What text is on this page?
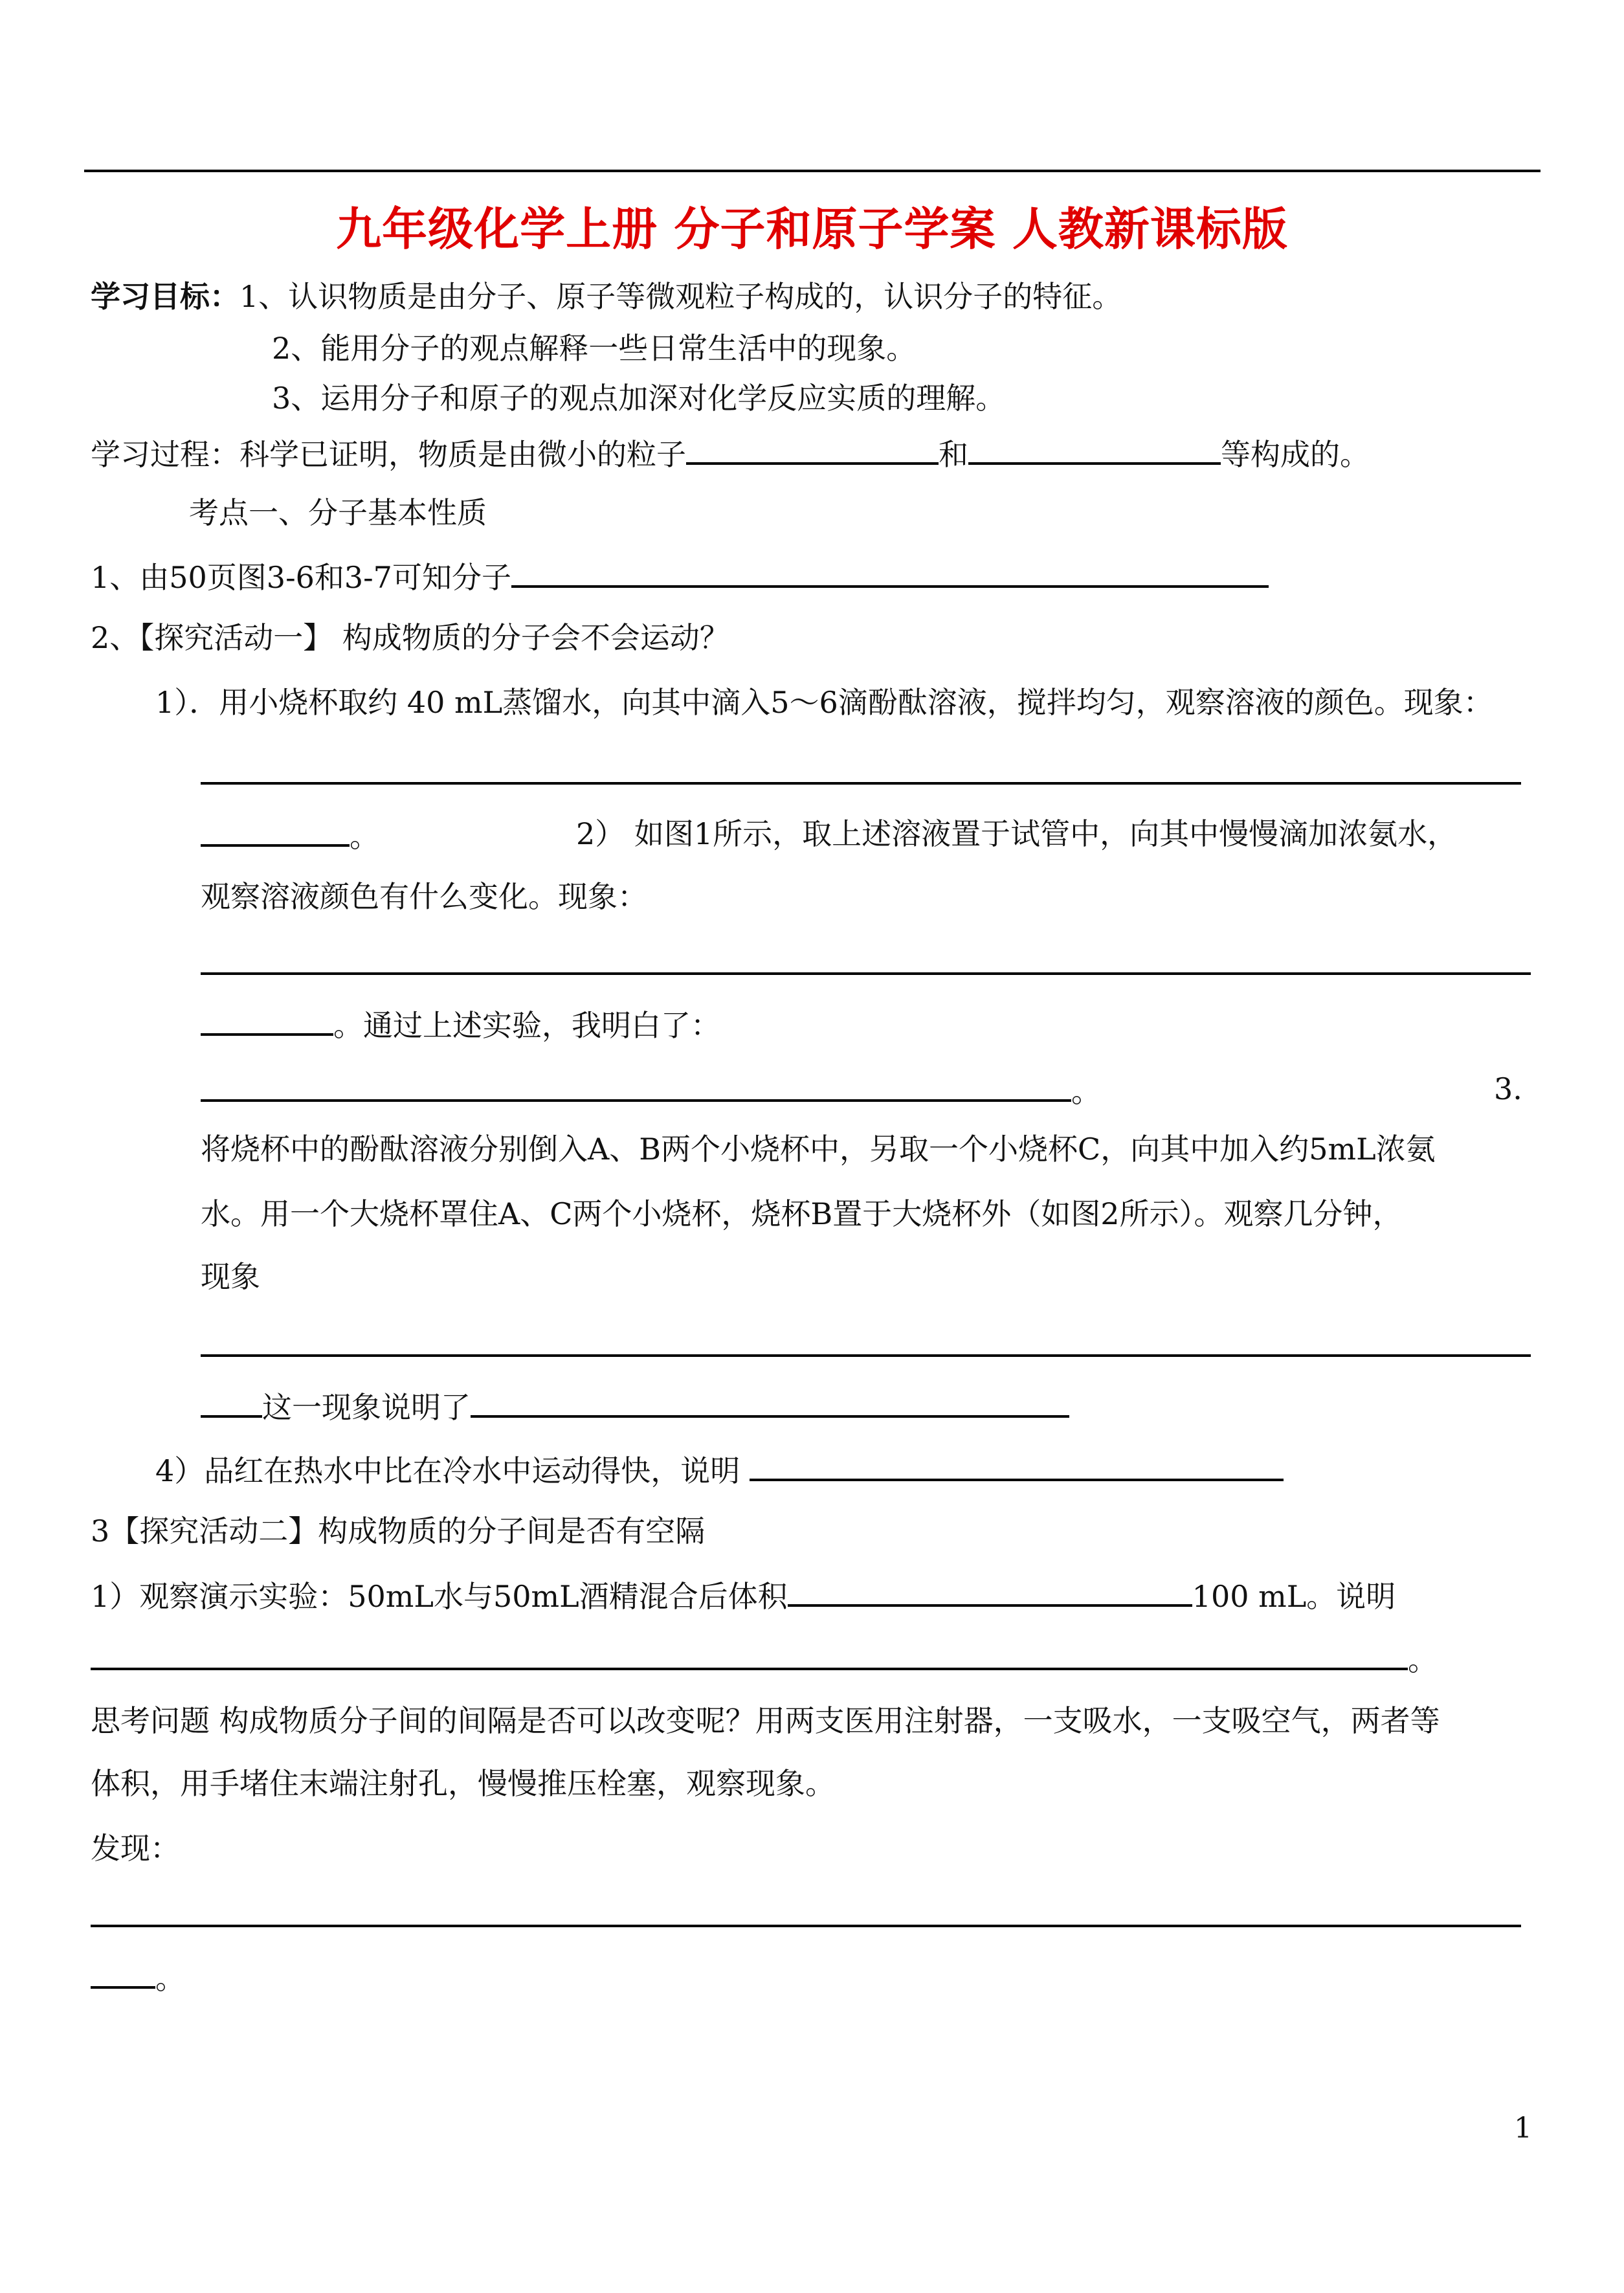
九年级化学上册 分子和原子学案 人教新课标版
学习目标：1、认识物质是由分子、原子等微观粒子构成的，认识分子的特征。
2、能用分子的观点解释一些日常生活中的现象。
3、运用分子和原子的观点加深对化学反应实质的理解。
学习过程：科学已证明，物质是由微小的粒子	和	等构成的。
考点一、分子基本性质
1、由50页图3-6和3-7可知分子
2、【探究活动一】 构成物质的分子会不会运动？
1）．用小烧杯取约 40 mL蒸馏水，向其中滴入5～6滴酚酞溶液，搅拌均匀，观察溶液的颜色。现象：
。	2） 如图1所示，取上述溶液置于试管中，向其中慢慢滴加浓氨水，
观察溶液颜色有什么变化。现象：
。通过上述实验，我明白了：
。	3.
将烧杯中的酚酞溶液分别倒入A、B两个小烧杯中，另取一个小烧杯C，向其中加入约5mL浓氨
水。用一个大烧杯罩住A、C两个小烧杯，烧杯B置于大烧杯外（如图2所示）。观察几分钟，
现象
这一现象说明了
4）品红在热水中比在冷水中运动得快，说明
3【探究活动二】构成物质的分子间是否有空隔
1）观察演示实验：50mL水与50mL酒精混合后体积	100 mL。说明
。
思考问题 构成物质分子间的间隔是否可以改变呢？用两支医用注射器，一支吸水，一支吸空气，两者等
体积，用手堵住末端注射孔，慢慢推压栓塞，观察现象。
发现：
。
1
